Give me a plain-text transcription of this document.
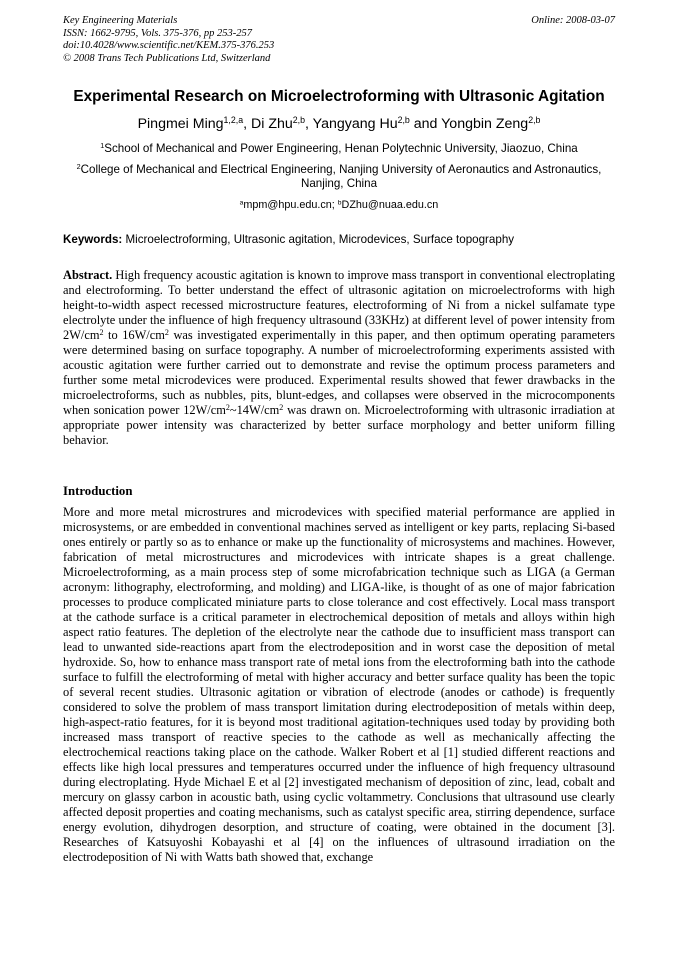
Key Engineering Materials
ISSN: 1662-9795, Vols. 375-376, pp 253-257
doi:10.4028/www.scientific.net/KEM.375-376.253
© 2008 Trans Tech Publications Ltd, Switzerland
Online: 2008-03-07
Experimental Research on Microelectroforming with Ultrasonic Agitation
Pingmei Ming$^{1,2,a}$, Di Zhu$^{2,b}$, Yangyang Hu$^{2,b}$ and Yongbin Zeng$^{2,b}$
$^1$School of Mechanical and Power Engineering, Henan Polytechnic University, Jiaozuo, China
$^2$College of Mechanical and Electrical Engineering, Nanjing University of Aeronautics and Astronautics, Nanjing, China
$^a$mpm@hpu.edu.cn; $^b$DZhu@nuaa.edu.cn
Keywords: Microelectroforming, Ultrasonic agitation, Microdevices, Surface topography
Abstract. High frequency acoustic agitation is known to improve mass transport in conventional electroplating and electroforming. To better understand the effect of ultrasonic agitation on microelectroforms with high height-to-width aspect recessed microstructure features, electroforming of Ni from a nickel sulfamate type electrolyte under the influence of high frequency ultrasound (33KHz) at different level of power intensity from $2W/cm^2$ to $16W/cm^2$ was investigated experimentally in this paper, and then optimum operating parameters were determined basing on surface topography. A number of microelectroforming experiments assisted with acoustic agitation were further carried out to demonstrate and revise the optimum process parameters and further some metal microdevices were produced. Experimental results showed that fewer drawbacks in the microelectroforms, such as nubbles, pits, blunt-edges, and collapses were observed in the microcomponents when sonication power $12W/cm^2\sim 14W/cm^2$ was drawn on. Microelectroforming with ultrasonic irradiation at appropriate power intensity was characterized by better surface morphology and better uniform filling behavior.
Introduction
More and more metal microstrures and microdevices with specified material performance are applied in microsystems, or are embedded in conventional machines served as intelligent or key parts, replacing Si-based ones entirely or partly so as to enhance or make up the functionality of microsystems and machines. However, fabrication of metal microstructures and microdevices with intricate shapes is a great challenge. Microelectroforming, as a main process step of some microfabrication technique such as LIGA (a German acronym: lithography, electroforming, and molding) and LIGA-like, is thought of as one of major fabrication processes to produce complicated miniature parts to close tolerance and cost effectively. Local mass transport at the cathode surface is a critical parameter in electrochemical deposition of metals and alloys within high aspect ratio features. The depletion of the electrolyte near the cathode due to insufficient mass transport can lead to unwanted side-reactions apart from the electrodeposition and in worst case the deposition of metal hydroxide. So, how to enhance mass transport rate of metal ions from the electroforming bath into the cathode surface to fulfill the electroforming of metal with higher accuracy and better surface quality has been the topic of several recent studies. Ultrasonic agitation or vibration of electrode (anodes or cathode) is frequently considered to solve the problem of mass transport limitation during electrodeposition of metals within deep, high-aspect-ratio features, for it is beyond most traditional agitation-techniques used today by providing both increased mass transport of reactive species to the cathode as well as mechanically affecting the electrochemical reactions taking place on the cathode. Walker Robert et al [1] studied different reactions and effects like high local pressures and temperatures occurred under the influence of high frequency ultrasound during electroplating. Hyde Michael E et al [2] investigated mechanism of deposition of zinc, lead, cobalt and mercury on glassy carbon in acoustic bath, using cyclic voltammetry. Conclusions that ultrasound use clearly affected deposit properties and coating mechanisms, such as catalyst specific area, stirring dependence, surface energy evolution, dihydrogen desorption, and structure of coating, were obtained in the document [3]. Researches of Katsuyoshi Kobayashi et al [4] on the influences of ultrasound irradiation on the electrodeposition of Ni with Watts bath showed that, exchange
